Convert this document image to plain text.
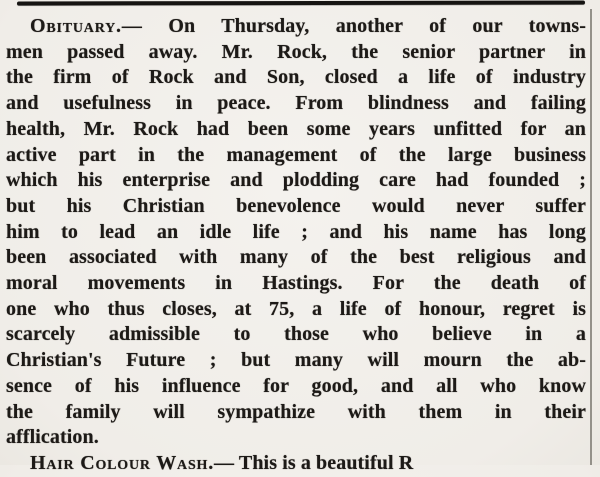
Obituary.— On Thursday, another of our towns-
men passed away. Mr. Rock, the senior partner in
the firm of Rock and Son, closed a life of industry
and usefulness in peace. From blindness and failing
health, Mr. Rock had been some years unfitted for an
active part in the management of the large business
which his enterprise and plodding care had founded ;
but his Christian benevolence would never suffer
him to lead an idle life ; and his name has long
been associated with many of the best religious and
moral movements in Hastings. For the death of
one who thus closes, at 75, a life of honour, regret is
scarcely admissible to those who believe in a
Christian's Future ; but many will mourn the ab-
sence of his influence for good, and all who know
the family will sympathize with them in their
afflication.
Hair Colour Wash.— This is a beautiful R
